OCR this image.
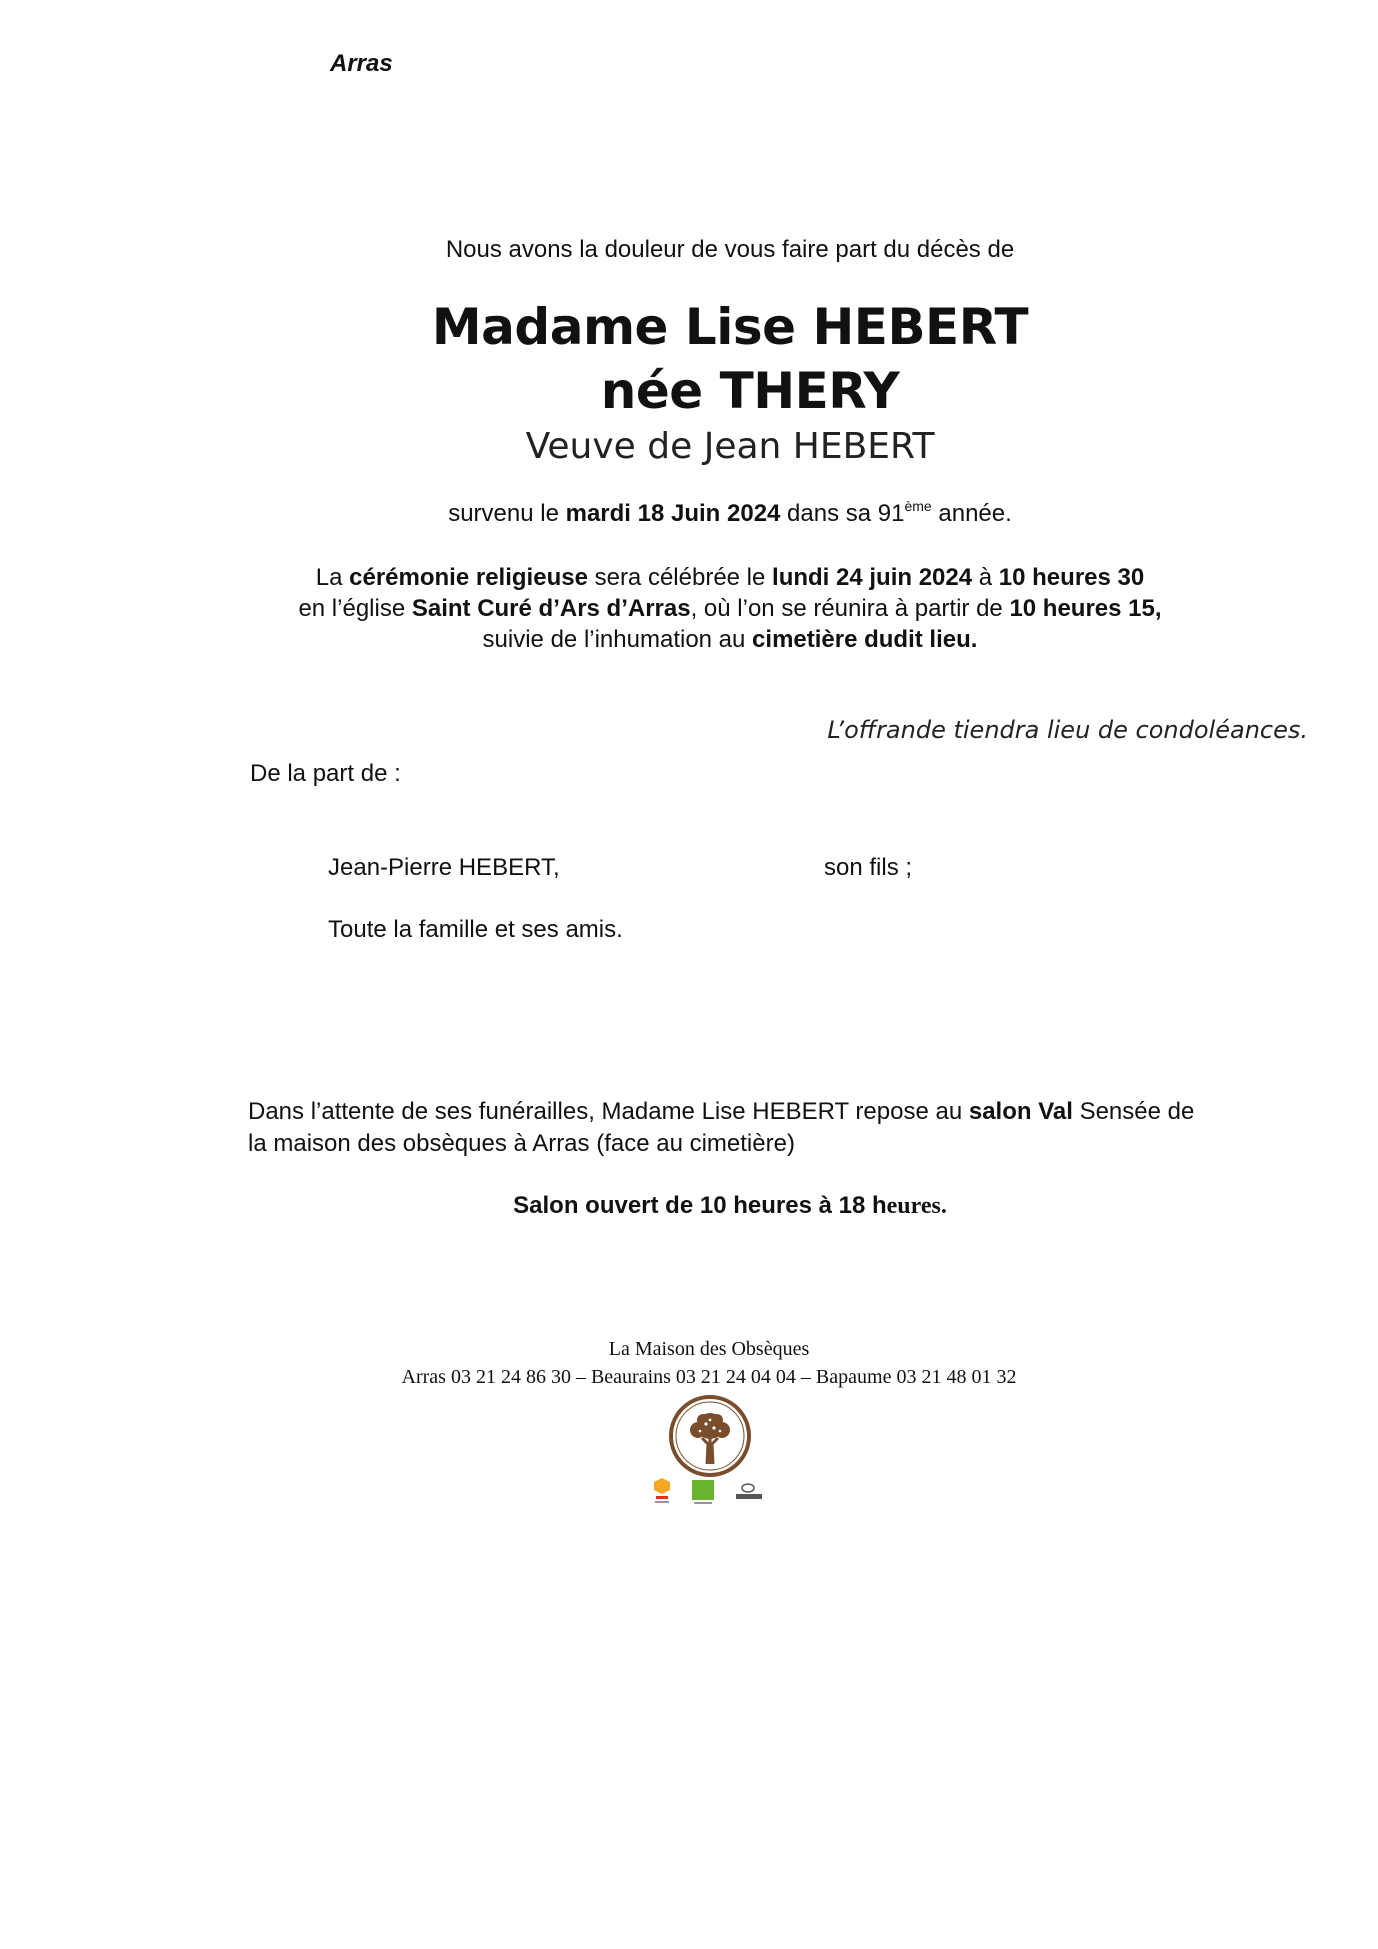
Arras
Nous avons la douleur de vous faire part du décès de
Madame Lise HEBERT
née THERY
Veuve de Jean HEBERT
survenu le mardi 18 Juin 2024 dans sa 91ème année.
La cérémonie religieuse sera célébrée le lundi 24 juin 2024 à 10 heures 30
en l’église Saint Curé d’Ars d’Arras, où l’on se réunira à partir de 10 heures 15,
suivie de l’inhumation au cimetière dudit lieu.
L’offrande tiendra lieu de condoléances.
De la part de :
Jean-Pierre HEBERT,	son fils ;
Toute la famille et ses amis.
Dans l’attente de ses funérailles, Madame Lise HEBERT repose au salon Val Sensée de
la maison des obsèques à Arras (face au cimetière)
Salon ouvert de 10 heures à 18 heures.
La Maison des Obsèques
Arras 03 21 24 86 30 – Beaurains 03 21 24 04 04 – Bapaume 03 21 48 01 32
